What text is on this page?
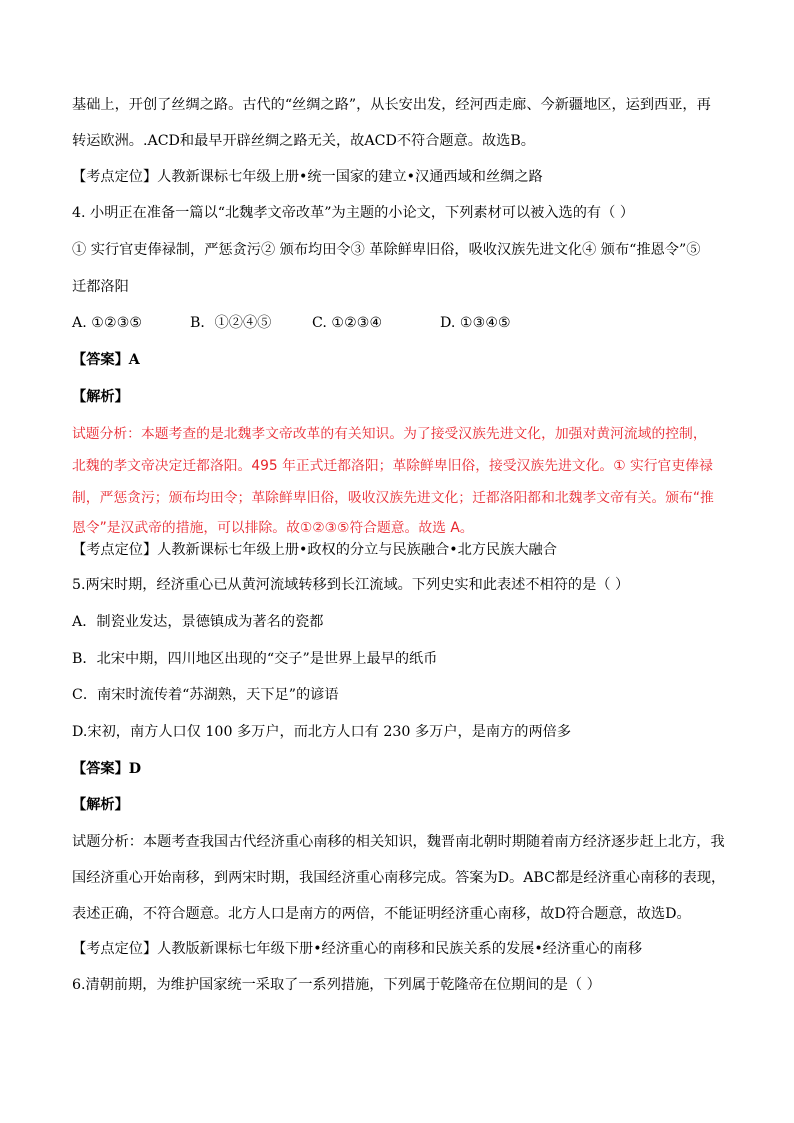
基础上，开创了丝绸之路。古代的“丝绸之路”，从长安出发，经河西走廊、今新疆地区，运到西亚，再
转运欧洲。.ACD和最早开辟丝绸之路无关，故ACD不符合题意。故选B。
【考点定位】人教新课标七年级上册•统一国家的建立•汉通西域和丝绸之路
4. 小明正在准备一篇以“北魏孝文帝改革”为主题的小论文，下列素材可以被入选的有（ ）
① 实行官吏俸禄制，严惩贪污② 颁布均田令③ 革除鲜卑旧俗，吸收汉族先进文化④ 颁布“推恩令”⑤
迁都洛阳
A. ①②③⑤	B．①②④⑤	C. ①②③④	D. ①③④⑤
【答案】A
【解析】
试题分析：本题考查的是北魏孝文帝改革的有关知识。为了接受汉族先进文化，加强对黄河流域的控制，
北魏的孝文帝决定迁都洛阳。495 年正式迁都洛阳；革除鲜卑旧俗，接受汉族先进文化。① 实行官吏俸禄
制，严惩贪污；颁布均田令；革除鲜卑旧俗，吸收汉族先进文化；迁都洛阳都和北魏孝文帝有关。颁布“推
恩令”是汉武帝的措施，可以排除。故①②③⑤符合题意。故选 A。
【考点定位】人教新课标七年级上册•政权的分立与民族融合•北方民族大融合
5.两宋时期，经济重心已从黄河流域转移到长江流域。下列史实和此表述不相符的是（ ）
A．制瓷业发达，景德镇成为著名的瓷都
B．北宋中期，四川地区出现的“交子”是世界上最早的纸币
C．南宋时流传着“苏湖熟，天下足”的谚语
D.宋初，南方人口仅 100 多万户，而北方人口有 230 多万户，是南方的两倍多
【答案】D
【解析】
试题分析：本题考查我国古代经济重心南移的相关知识，魏晋南北朝时期随着南方经济逐步赶上北方，我
国经济重心开始南移，到两宋时期，我国经济重心南移完成。答案为D。ABC都是经济重心南移的表现，
表述正确，不符合题意。北方人口是南方的两倍，不能证明经济重心南移，故D符合题意，故选D。
【考点定位】人教版新课标七年级下册•经济重心的南移和民族关系的发展•经济重心的南移
6.清朝前期，为维护国家统一采取了一系列措施，下列属于乾隆帝在位期间的是（ ）
